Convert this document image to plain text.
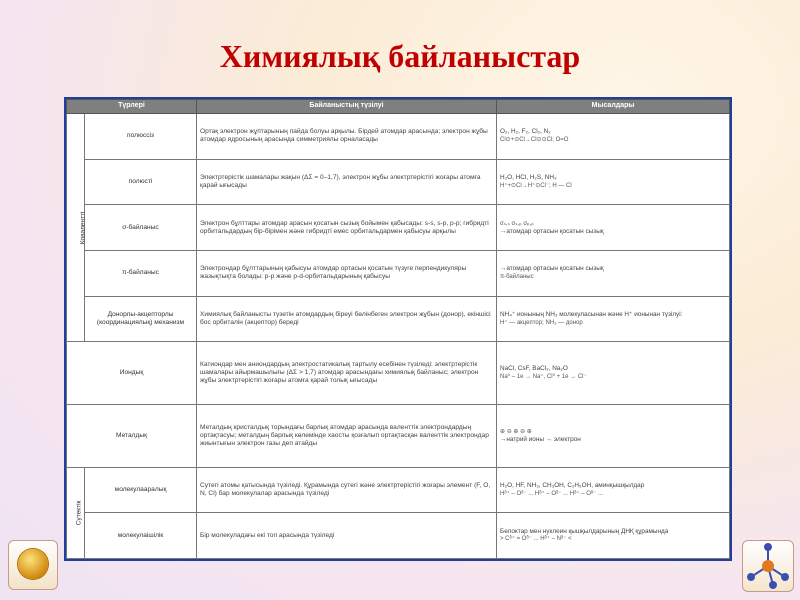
Химиялық байланыстар
Түрлері		Байланыстың түзілуі	Мысалдары
Коваленттi	полюссіз	Ортақ электрон жұптарының пайда болуы арқылы. Бірдей атомдар арасында; электрон жұбы атомдар ядросының арасында симметриялы орналасады	O₂, H₂, F₂, Cl₂, N₂
Cl⊙+⊙Cl→Cl⊙⊙Cl; O=O

	полюсті	Электртерістік шамалары жақын (ΔΣ = 0–1,7), электрон жұбы электртерістігі жоғары атомға қарай ығысады	H₂O, HCl, H₂S, NH₃
H⁺+⊙Cl→H⁺⊙Cl⁻; H — Cl

	σ-байланыс	Электрон бұлттары атомдар арасын қосатын сызық бойымен қабысады: s-s, s-p, p-p; гибридті орбитальдардың бір-бірімен және гибридті емес орбитальдармен қабысуы арқылы	σₛ,ₛ σₛ,ₚ σₚ,ₚ
→атомдар ортасын қосатын сызық
	π-байланыс	Электрондар бұлттарының қабысуы атомдар ортасын қосатын түзуге перпендикуляры жазықтықта болады: p-p және p-d-орбитальдарының қабысуы	→атомдар ортасын қосатын сызық
π-байланыс

	Донорлы-акцепторлы (координациялық) механизм	Химиялық байланысты түзетін атомдардың біреуі бөлінбеген электрон жұбын (донор), екіншісі бос орбиталін (акцептор) береді	NH₄⁺ ионының NH₃ молекуласынан және H⁺ ионынан түзілуі:
H⁺ — акцептор; NH₃ — донор

Иондық		Катиондар мен аниондардың электростатикалық тартылу есебінен түзіледі: электртерістік шамалары айырмашылығы (ΔΣ > 1,7) атомдар арасындағы химиялық байланыс; электрон жұбы электртерістігі жоғары атомға қарай толық ығысады	NaCl, CsF, BaCl₂, Na₂O
Na⁰ – 1e → Na⁺, Cl⁰ + 1e → Cl⁻

Металдық		Металдың кристалдық торындағы барлық атомдар арасында валенттік электрондардың ортақтасуы; металдың барлық көлемінде хаосты қозғалып ортақтасқан валенттік электрондар жиынтығын электрон газы деп атайды	⊕ ⊖ ⊕ ⊖ ⊕
→натрий ионы → электрон
Сутектік	молекулааралық	Сутегі атомы қатысында түзіледі. Құрамында сутегі және электртерістігі жоғары элемент (F, O, N, Cl) бар молекулалар арасында түзіледі	H₂O, HF, NH₃, CH₃OH, C₂H₅OH, аминқышқылдар
Hᵟ⁺ – Oᵟ⁻ ... Hᵟ⁺ – Oᵟ⁻ ... Hᵟ⁺ – Oᵟ⁻ ...

	молекулаішілік	Бір молекуладағы екі топ арасында түзіледі	Белоктар мен нуклеин қышқылдарының ДНҚ құрамында
> Cᵟ⁺ = Oᵟ⁻ ... Hᵟ⁺ – Nᵟ⁻ <
